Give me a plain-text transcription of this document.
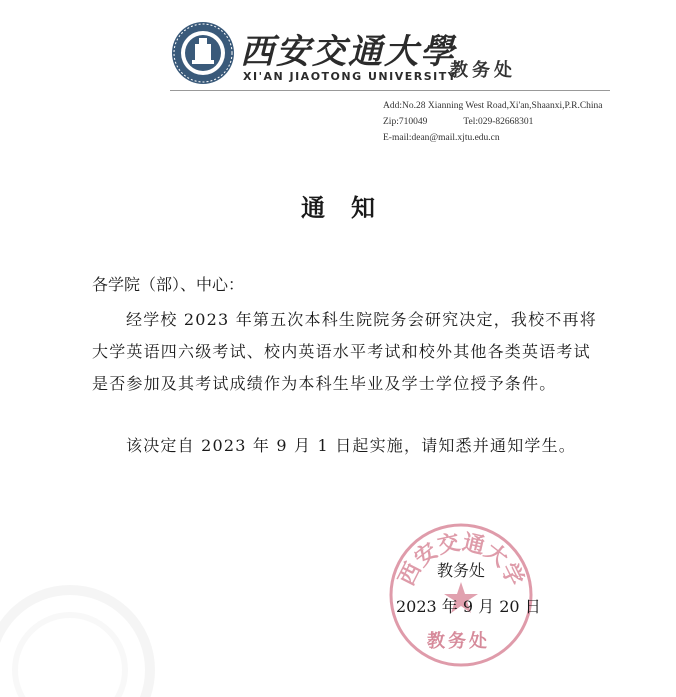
西安交通大學
XI'AN JIAOTONG UNIVERSITY
教务处
Add:No.28 Xianning West Road,Xi'an,Shaanxi,P.R.China
Zip:710049	Tel:029-82668301
E-mail:dean@mail.xjtu.edu.cn
通知
各学院（部）、中心：
经学校 2023 年第五次本科生院院务会研究决定，我校不再将大学英语四六级考试、校内英语水平考试和校外其他各类英语考试是否参加及其考试成绩作为本科生毕业及学士学位授予条件。
该决定自 2023 年 9 月 1 日起实施，请知悉并通知学生。
西安交通大学
教务处
2023 年 9 月 20 日
教务处
